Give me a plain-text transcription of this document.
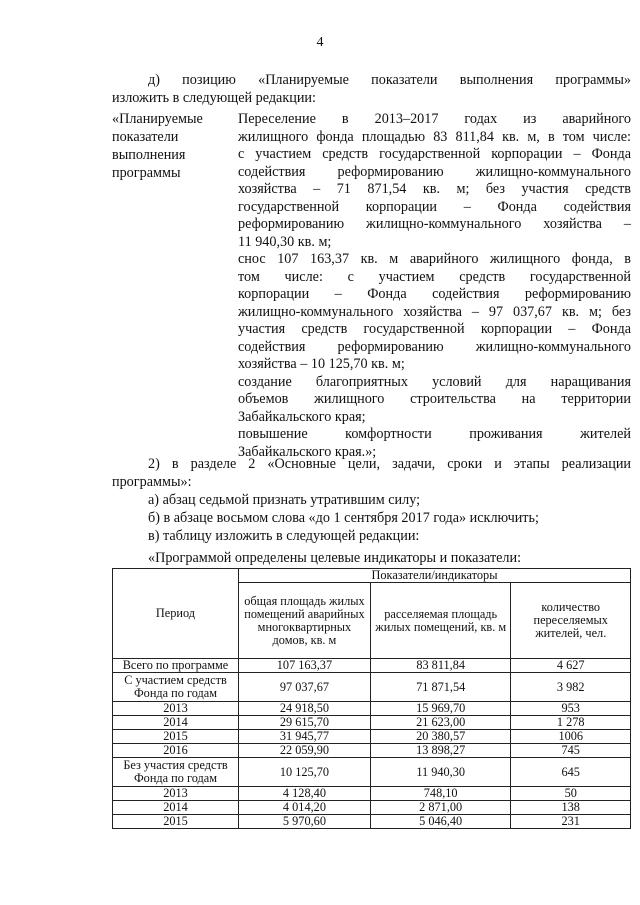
4
д) позицию «Планируемые показатели выполнения программы»
изложить в следующей редакции:
«Планируемые
показатели
выполнения
программы
Переселение в 2013–2017 годах из аварийного
жилищного фонда площадью 83 811,84 кв. м, в том числе:
с участием средств государственной корпорации – Фонда
содействия реформированию жилищно-коммунального
хозяйства – 71 871,54 кв. м; без участия средств
государственной корпорации – Фонда содействия
реформированию жилищно-коммунального хозяйства –
11 940,30 кв. м;
снос 107 163,37 кв. м аварийного жилищного фонда, в
том числе: с участием средств государственной
корпорации – Фонда содействия реформированию
жилищно-коммунального хозяйства – 97 037,67 кв. м; без
участия средств государственной корпорации – Фонда
содействия реформированию жилищно-коммунального
хозяйства – 10 125,70 кв. м;
создание благоприятных условий для наращивания
объемов жилищного строительства на территории
Забайкальского края;
повышение комфортности проживания жителей
Забайкальского края.»;
2) в разделе 2 «Основные цели, задачи, сроки и этапы реализации
программы»:
а) абзац седьмой признать утратившим силу;
б) в абзаце восьмом слова «до 1 сентября 2017 года» исключить;
в) таблицу изложить в следующей редакции:
«Программой определены целевые индикаторы и показатели:
Период	Показатели/индикаторы		
	общая площадь жилых помещений аварийных многоквартирных домов, кв. м	расселяемая площадь жилых помещений, кв. м	количество переселяемых жителей, чел.
Всего по программе	107 163,37	83 811,84	4 627
С участием средств Фонда по годам	97 037,67	71 871,54	3 982
2013	24 918,50	15 969,70	953
2014	29 615,70	21 623,00	1 278
2015	31 945,77	20 380,57	1006
2016	22 059,90	13 898,27	745
Без участия средств Фонда по годам	10 125,70	11 940,30	645
2013	4 128,40	748,10	50
2014	4 014,20	2 871,00	138
2015	5 970,60	5 046,40	231
